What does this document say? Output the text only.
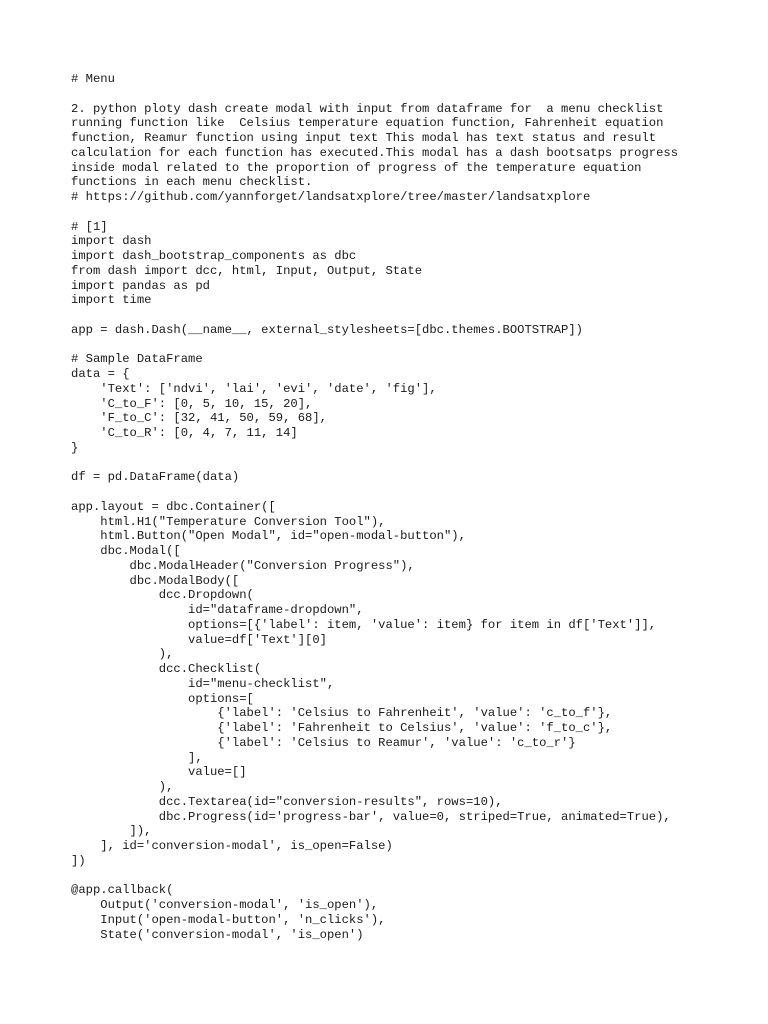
# Menu
2. python ploty dash create modal with input from dataframe for  a menu checklist
running function like  Celsius temperature equation function, Fahrenheit equation
function, Reamur function using input text This modal has text status and result
calculation for each function has executed.This modal has a dash bootsatps progress
inside modal related to the proportion of progress of the temperature equation
functions in each menu checklist.
# https://github.com/yannforget/landsatxplore/tree/master/landsatxplore
# [1]
import dash
import dash_bootstrap_components as dbc
from dash import dcc, html, Input, Output, State
import pandas as pd
import time
app = dash.Dash(__name__, external_stylesheets=[dbc.themes.BOOTSTRAP])
# Sample DataFrame
data = {
'Text': ['ndvi', 'lai', 'evi', 'date', 'fig'],
'C_to_F': [0, 5, 10, 15, 20],
'F_to_C': [32, 41, 50, 59, 68],
'C_to_R': [0, 4, 7, 11, 14]
}
df = pd.DataFrame(data)
app.layout = dbc.Container([
html.H1("Temperature Conversion Tool"),
html.Button("Open Modal", id="open-modal-button"),
dbc.Modal([
dbc.ModalHeader("Conversion Progress"),
dbc.ModalBody([
dcc.Dropdown(
id="dataframe-dropdown",
options=[{'label': item, 'value': item} for item in df['Text']],
value=df['Text'][0]
),
dcc.Checklist(
id="menu-checklist",
options=[
{'label': 'Celsius to Fahrenheit', 'value': 'c_to_f'},
{'label': 'Fahrenheit to Celsius', 'value': 'f_to_c'},
{'label': 'Celsius to Reamur', 'value': 'c_to_r'}
],
value=[]
),
dcc.Textarea(id="conversion-results", rows=10),
dbc.Progress(id='progress-bar', value=0, striped=True, animated=True),
]),
], id='conversion-modal', is_open=False)
])
@app.callback(
Output('conversion-modal', 'is_open'),
Input('open-modal-button', 'n_clicks'),
State('conversion-modal', 'is_open')
